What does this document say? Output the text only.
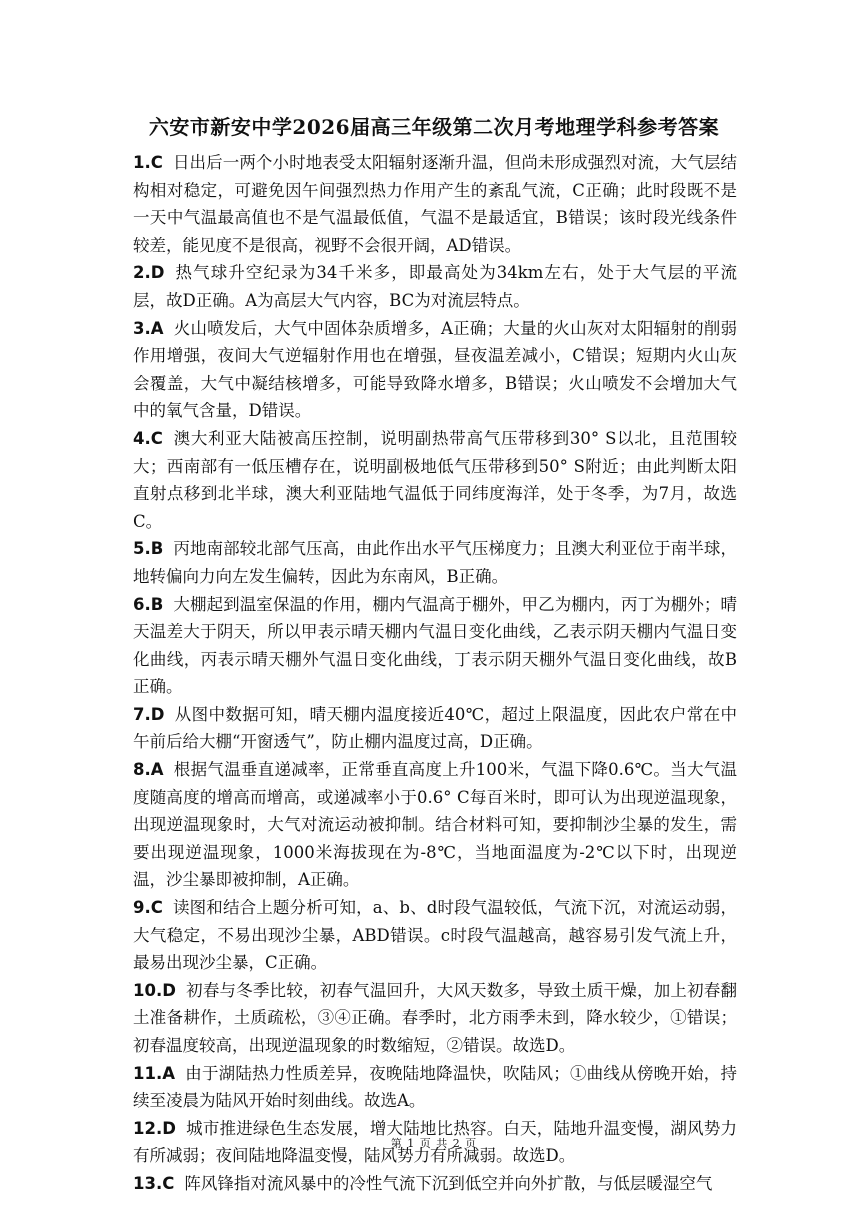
六安市新安中学2026届高三年级第二次月考地理学科参考答案

1.C 日出后一两个小时地表受太阳辐射逐渐升温，但尚未形成强烈对流，大气层结构相对稳定，可避免因午间强烈热力作用产生的紊乱气流，C正确；此时段既不是一天中气温最高值也不是气温最低值，气温不是最适宜，B错误；该时段光线条件较差，能见度不是很高，视野不会很开阔，AD错误。

2.D 热气球升空纪录为34千米多，即最高处为34km左右，处于大气层的平流层，故D正确。A为高层大气内容，BC为对流层特点。

3.A 火山喷发后，大气中固体杂质增多，A正确；大量的火山灰对太阳辐射的削弱作用增强，夜间大气逆辐射作用也在增强，昼夜温差减小，C错误；短期内火山灰会覆盖，大气中凝结核增多，可能导致降水增多，B错误；火山喷发不会增加大气中的氧气含量，D错误。

4.C 澳大利亚大陆被高压控制，说明副热带高气压带移到30° S以北，且范围较大；西南部有一低压槽存在，说明副极地低气压带移到50° S附近；由此判断太阳直射点移到北半球，澳大利亚陆地气温低于同纬度海洋，处于冬季，为7月，故选C。

5.B 丙地南部较北部气压高，由此作出水平气压梯度力；且澳大利亚位于南半球，地转偏向力向左发生偏转，因此为东南风，B正确。

6.B 大棚起到温室保温的作用，棚内气温高于棚外，甲乙为棚内，丙丁为棚外；晴天温差大于阴天，所以甲表示晴天棚内气温日变化曲线，乙表示阴天棚内气温日变化曲线，丙表示晴天棚外气温日变化曲线，丁表示阴天棚外气温日变化曲线，故B正确。

7.D 从图中数据可知，晴天棚内温度接近40℃，超过上限温度，因此农户常在中午前后给大棚“开窗透气”，防止棚内温度过高，D正确。

8.A 根据气温垂直递减率，正常垂直高度上升100米，气温下降0.6℃。当大气温度随高度的增高而增高，或递减率小于0.6° C每百米时，即可认为出现逆温现象，出现逆温现象时，大气对流运动被抑制。结合材料可知，要抑制沙尘暴的发生，需要出现逆温现象，1000米海拔现在为-8℃，当地面温度为-2℃以下时，出现逆温，沙尘暴即被抑制，A正确。

9.C 读图和结合上题分析可知，a、b、d时段气温较低，气流下沉，对流运动弱，大气稳定，不易出现沙尘暴，ABD错误。c时段气温越高，越容易引发气流上升，最易出现沙尘暴，C正确。

10.D 初春与冬季比较，初春气温回升，大风天数多，导致土质干燥，加上初春翻土准备耕作，土质疏松，③④正确。春季时，北方雨季未到，降水较少，①错误；初春温度较高，出现逆温现象的时数缩短，②错误。故选D。

11.A 由于湖陆热力性质差异，夜晚陆地降温快，吹陆风；①曲线从傍晚开始，持续至凌晨为陆风开始时刻曲线。故选A。

12.D 城市推进绿色生态发展，增大陆地比热容。白天，陆地升温变慢，湖风势力有所减弱；夜间陆地降温变慢，陆风势力有所减弱。故选D。

13.C 阵风锋指对流风暴中的冷性气流下沉到低空并向外扩散，与低层暖湿空气

第 1 页 共 2 页
